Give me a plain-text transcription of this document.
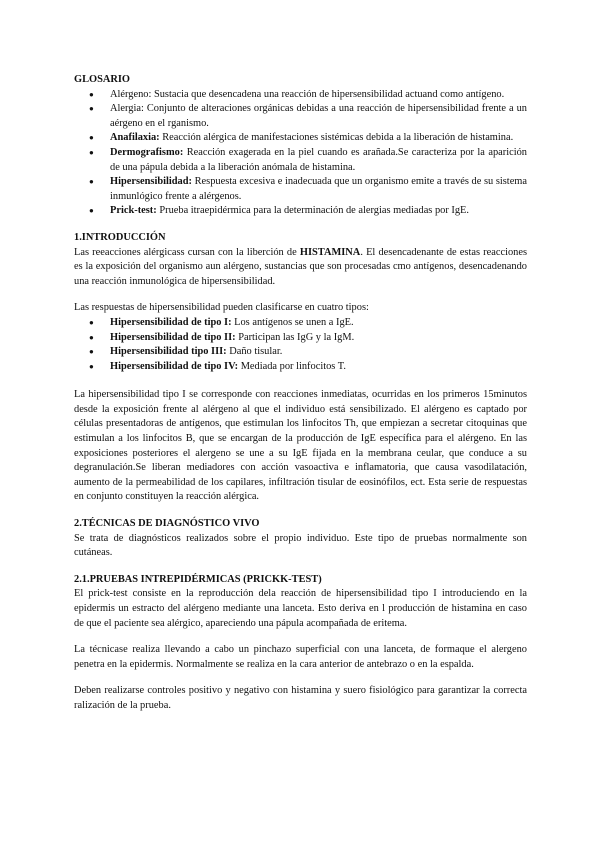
GLOSARIO
● Alérgeno: Sustacia que desencadena una reacción de hipersensibilidad actuand como antígeno.
● Alergia: Conjunto de alteraciones orgánicas debidas a una reacción de hipersensibilidad frente a un aérgeno en el rganismo.
● Anafilaxia: Reacción alérgica de manifestaciones sistémicas debida a la liberación de histamina.
● Dermografismo: Reacción exagerada en la piel cuando es arañada.Se caracteriza por la aparición de una pápula debida a la liberación anómala de histamina.
● Hipersensibilidad: Respuesta excesiva e inadecuada que un organismo emite a través de su sistema inmunlógico frente a alérgenos.
● Prick-test: Prueba itraepidérmica para la determinación de alergias mediadas por IgE.
1.INTRODUCCIÓN

Las reeacciones alérgicass cursan con la liberción de HISTAMINA. El desencadenante de estas reacciones es la exposición del organismo aun alérgeno, sustancias que son procesadas cmo antígenos, desencadenando una reacción inmunológica de hipersensibilidad.

Las respuestas de hipersensibilidad pueden clasificarse en cuatro tipos:

● Hipersensibilidad de tipo I: Los antígenos se unen a IgE.
● Hipersensibilidad de tipo II: Participan las IgG y la IgM.
● Hipersensibilidad tipo III: Daño tisular.
● Hipersensibilidad de tipo IV: Mediada por linfocitos T.

La hipersensibilidad tipo I se corresponde con reacciones inmediatas, ocurridas en los primeros 15minutos desde la exposición frente al alérgeno al que el individuo está sensibilizado. El alérgeno es captado por células presentadoras de antígenos, que estimulan los linfocitos Th, que empiezan a secretar citoquinas que estimulan a los linfocitos B, que se encargan de la producción de IgE específica para el alérgeno. En las exposiciones posteriores el alergeno se une a su IgE fijada en la membrana ceular, que conduce a su degranulación.Se liberan mediadores con acción vasoactiva e inflamatoria, que causa vasodilatación, aumento de la permeabilidad de los capilares, infiltración tisular de eosinófilos, ect. Esta serie de respuestas en conjunto constituyen la reacción alérgica.

2.TÉCNICAS DE DIAGNÓSTICO VIVO

Se trata de diagnósticos realizados sobre el propio individuo. Este tipo de pruebas normalmente son cutáneas.

2.1.PRUEBAS INTREPIDÉRMICAS (PRICKK-TEST)

El prick-test consiste en la reproducción dela reacción de hipersensibilidad tipo I introduciendo en la epidermis un estracto del alérgeno mediante una lanceta. Esto deriva en l producción de histamina en caso de que el paciente sea alérgico, apareciendo una pápula acompañada de eritema.

La técnicase realiza llevando a cabo un pinchazo superficial con una lanceta, de formaque el alergeno penetra en la epidermis. Normalmente se realiza en la cara anterior de antebrazo o en la espalda.

Deben realizarse controles positivo y negativo con histamina y suero fisiológico para garantizar la correcta ralización de la prueba.
